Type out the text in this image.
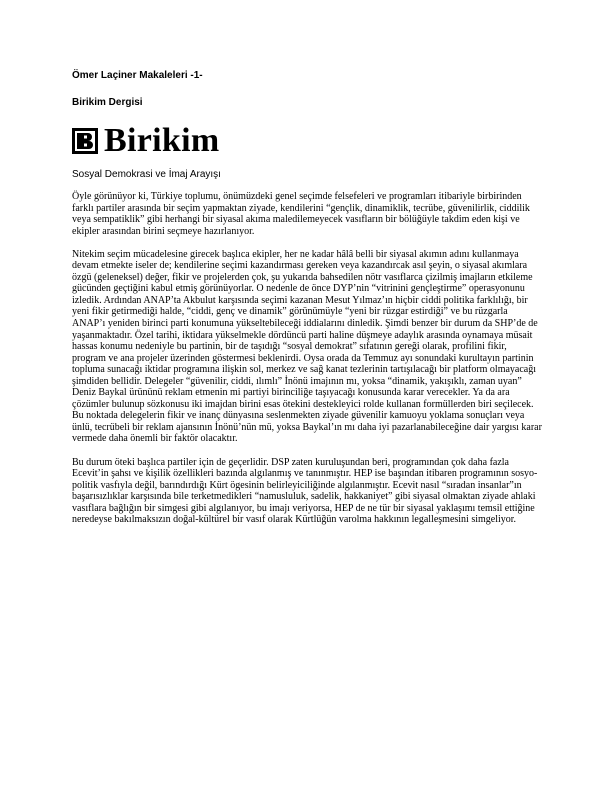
Ömer Laçiner Makaleleri -1-

Birikim Dergisi

Birikim

Sosyal Demokrasi ve İmaj Arayışı

Öyle görünüyor ki, Türkiye toplumu, önümüzdeki genel seçimde felsefeleri ve programları itibariyle birbirinden farklı partiler arasında bir seçim yapmaktan ziyade, kendilerini “gençlik, dinamiklik, tecrübe, güvenilirlik, ciddilik veya sempatiklik” gibi herhangi bir siyasal akıma maledilemeyecek vasıfların bir bölüğüyle takdim eden kişi ve ekipler arasından birini seçmeye hazırlanıyor.

Nitekim seçim mücadelesine girecek başlıca ekipler, her ne kadar hâlâ belli bir siyasal akımın adını kullanmaya devam etmekte iseler de; kendilerine seçimi kazandırması gereken veya kazandırcak asıl şeyin, o siyasal akımlara özgü (geleneksel) değer, fikir ve projelerden çok, şu yukarıda bahsedilen nötr vasıflarca çizilmiş imajların etkileme gücünden geçtiğini kabul etmiş görünüyorlar. O nedenle de önce DYP’nin “vitrinini gençleştirme” operasyonunu izledik. Ardından ANAP’ta Akbulut karşısında seçimi kazanan Mesut Yılmaz’ın hiçbir ciddi politika farklılığı, bir yeni fikir getirmediği halde, “ciddi, genç ve dinamik” görünümüyle “yeni bir rüzgar estirdiği” ve bu rüzgarla ANAP’ı yeniden birinci parti konumuna yükseltebileceği iddialarını dinledik. Şimdi benzer bir durum da SHP’de de yaşanmaktadır. Özel tarihi, iktidara yükselmekle dördüncü parti haline düşmeye adaylık arasında oynamaya müsait hassas konumu nedeniyle bu partinin, bir de taşıdığı “sosyal demokrat” sıfatının gereği olarak, profilini fikir, program ve ana projeler üzerinden göstermesi beklenirdi. Oysa orada da Temmuz ayı sonundaki kurultayın partinin topluma sunacağı iktidar programına ilişkin sol, merkez ve sağ kanat tezlerinin tartışılacağı bir platform olmayacağı şimdiden bellidir. Delegeler “güvenilir, ciddi, ılımlı” İnönü imajının mı, yoksa “dinamik, yakışıklı, zaman uyan” Deniz Baykal ürününü reklam etmenin mi partiyi birinciliğe taşıyacağı konusunda karar verecekler. Ya da ara çözümler bulunup sözkonusu iki imajdan birini esas ötekini destekleyici rolde kullanan formüllerden biri seçilecek. Bu noktada delegelerin fikir ve inanç dünyasına seslenmekten ziyade güvenilir kamuoyu yoklama sonuçları veya ünlü, tecrübeli bir reklam ajansının İnönü’nün mü, yoksa Baykal’ın mı daha iyi pazarlanabileceğine dair yargısı karar vermede daha önemli bir faktör olacaktır.

Bu durum öteki başlıca partiler için de geçerlidir. DSP zaten kuruluşundan beri, programından çok daha fazla Ecevit’in şahsı ve kişilik özellikleri bazında algılanmış ve tanınmıştır. HEP ise başından itibaren programının sosyo-politik vasfıyla değil, barındırdığı Kürt ögesinin belirleyiciliğinde algılanmıştır. Ecevit nasıl “sıradan insanlar”ın başarısızlıklar karşısında bile terketmedikleri “namusluluk, sadelik, hakkaniyet” gibi siyasal olmaktan ziyade ahlaki vasıflara bağlığın bir simgesi gibi algılanıyor, bu imajı veriyorsa, HEP de ne tür bir siyasal yaklaşımı temsil ettiğine neredeyse bakılmaksızın doğal-kültürel bir vasıf olarak Kürtlüğün varolma hakkının legalleşmesini simgeliyor.
